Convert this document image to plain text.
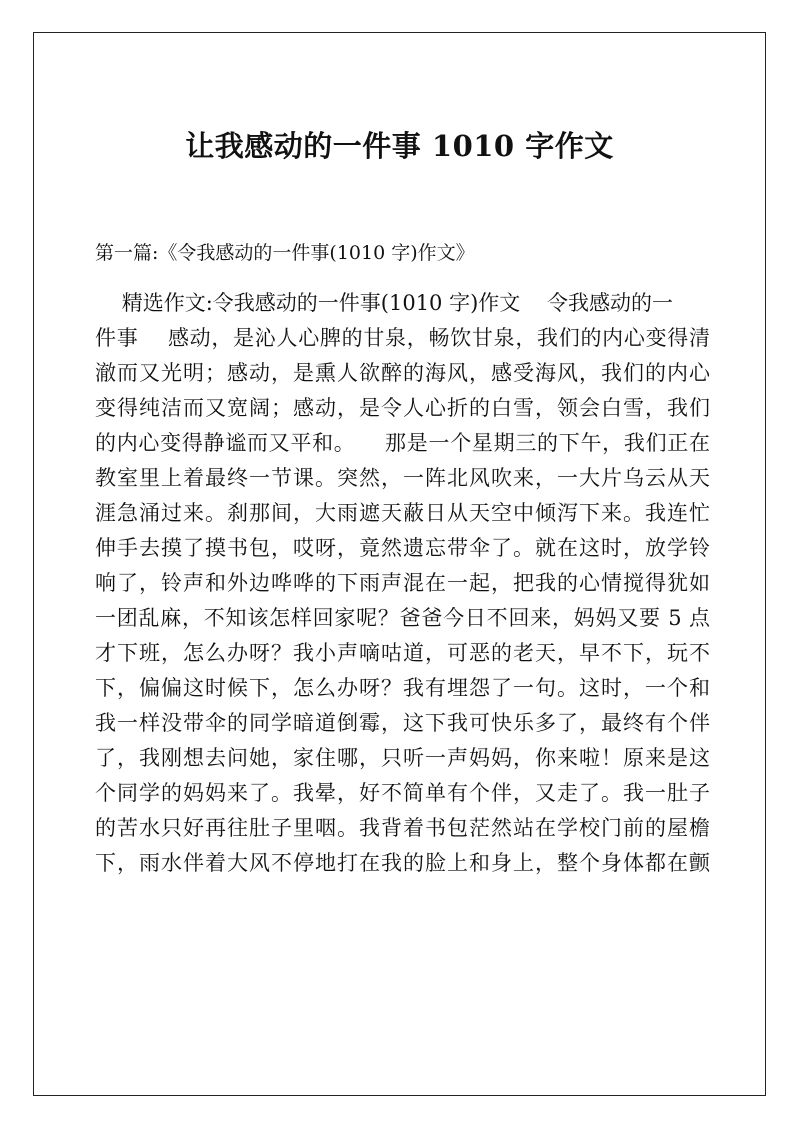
让我感动的一件事 1010 字作文
第一篇:《令我感动的一件事(1010 字)作文》
精选作文:令我感动的一件事(1010 字)作文    令我感动的一
件事    感动，是沁人心脾的甘泉，畅饮甘泉，我们的内心变得清
澈而又光明；感动，是熏人欲醉的海风，感受海风，我们的内心
变得纯洁而又宽阔；感动，是令人心折的白雪，领会白雪，我们
的内心变得静谧而又平和。    那是一个星期三的下午，我们正在
教室里上着最终一节课。突然，一阵北风吹来，一大片乌云从天
涯急涌过来。刹那间，大雨遮天蔽日从天空中倾泻下来。我连忙
伸手去摸了摸书包，哎呀，竟然遗忘带伞了。就在这时，放学铃
响了，铃声和外边哗哗的下雨声混在一起，把我的心情搅得犹如
一团乱麻，不知该怎样回家呢？爸爸今日不回来，妈妈又要 5 点
才下班，怎么办呀？我小声嘀咕道，可恶的老天，早不下，玩不
下，偏偏这时候下，怎么办呀？我有埋怨了一句。这时，一个和
我一样没带伞的同学暗道倒霉，这下我可快乐多了，最终有个伴
了，我刚想去问她，家住哪，只听一声妈妈，你来啦！原来是这
个同学的妈妈来了。我晕，好不简单有个伴，又走了。我一肚子
的苦水只好再往肚子里咽。我背着书包茫然站在学校门前的屋檐
下，雨水伴着大风不停地打在我的脸上和身上，整个身体都在颤
